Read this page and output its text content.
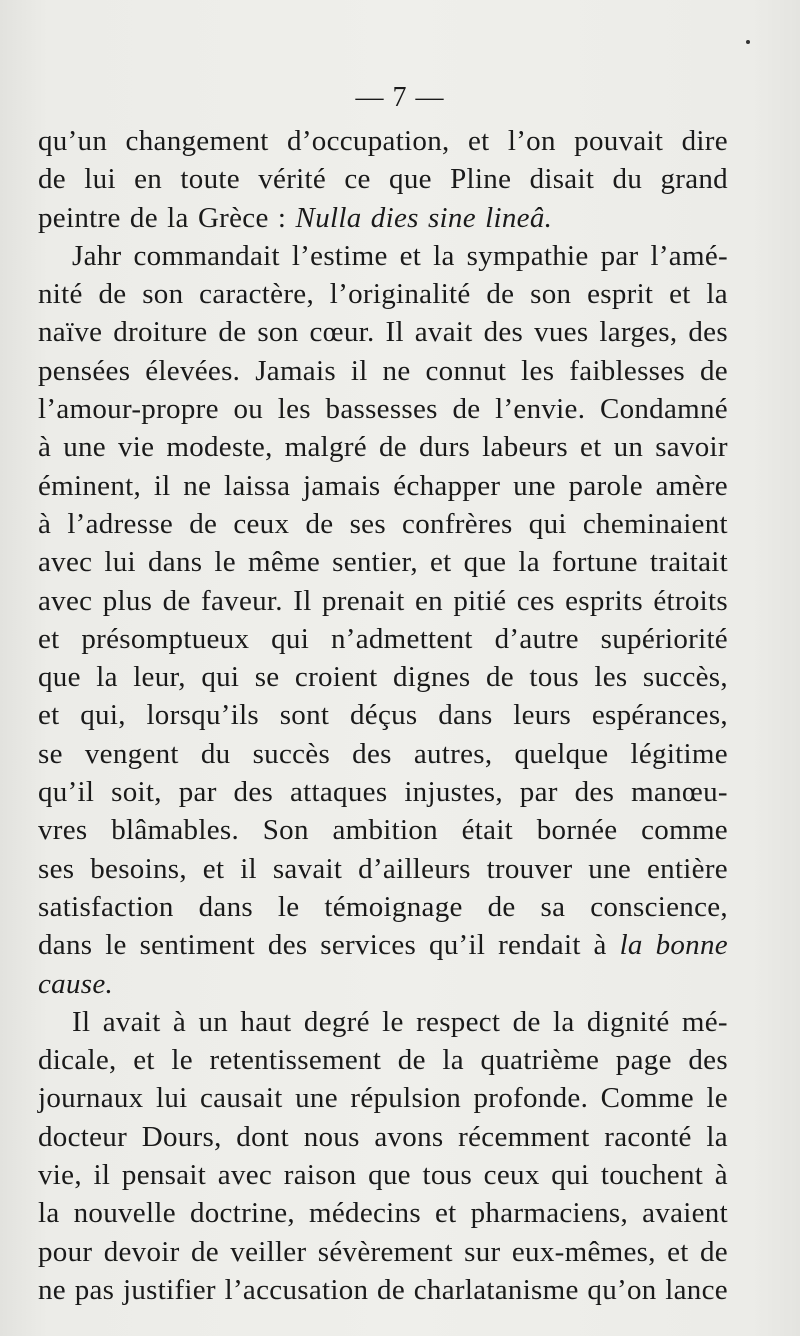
— 7 —
qu’un changement d’occupation, et l’on pouvait dire
de lui en toute vérité ce que Pline disait du grand
peintre de la Grèce : Nulla dies sine lineâ.
Jahr commandait l’estime et la sympathie par l’amé-
nité de son caractère, l’originalité de son esprit et la
naïve droiture de son cœur. Il avait des vues larges, des
pensées élevées. Jamais il ne connut les faiblesses de
l’amour-propre ou les bassesses de l’envie. Condamné
à une vie modeste, malgré de durs labeurs et un savoir
éminent, il ne laissa jamais échapper une parole amère
à l’adresse de ceux de ses confrères qui cheminaient
avec lui dans le même sentier, et que la fortune traitait
avec plus de faveur. Il prenait en pitié ces esprits étroits
et présomptueux qui n’admettent d’autre supériorité
que la leur, qui se croient dignes de tous les succès,
et qui, lorsqu’ils sont déçus dans leurs espérances,
se vengent du succès des autres, quelque légitime
qu’il soit, par des attaques injustes, par des manœu-
vres blâmables. Son ambition était bornée comme
ses besoins, et il savait d’ailleurs trouver une entière
satisfaction dans le témoignage de sa conscience,
dans le sentiment des services qu’il rendait à la bonne
cause.
Il avait à un haut degré le respect de la dignité mé-
dicale, et le retentissement de la quatrième page des
journaux lui causait une répulsion profonde. Comme le
docteur Dours, dont nous avons récemment raconté la
vie, il pensait avec raison que tous ceux qui touchent à
la nouvelle doctrine, médecins et pharmaciens, avaient
pour devoir de veiller sévèrement sur eux-mêmes, et de
ne pas justifier l’accusation de charlatanisme qu’on lance
